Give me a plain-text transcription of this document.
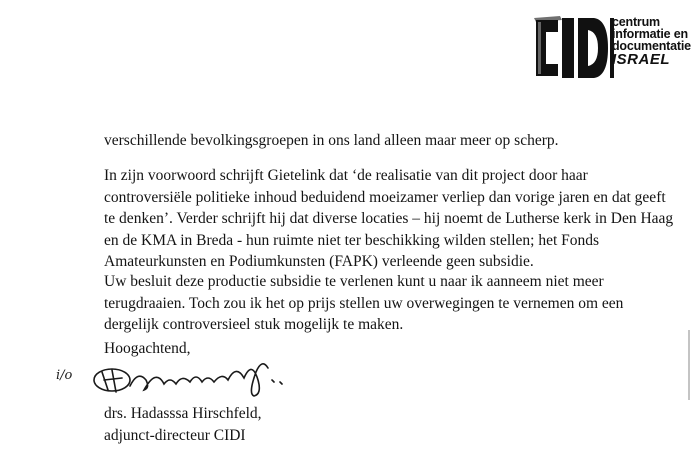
centrum
informatie en
documentatie
ISRAEL
verschillende bevolkingsgroepen in ons land alleen maar meer op scherp.
In zijn voorwoord schrijft Gietelink dat ‘de realisatie van dit project door haar
controversiële politieke inhoud beduidend moeizamer verliep dan vorige jaren en dat geeft
te denken’. Verder schrijft hij dat diverse locaties – hij noemt de Lutherse kerk in Den Haag
en de KMA in Breda - hun ruimte niet ter beschikking wilden stellen; het Fonds
Amateurkunsten en Podiumkunsten (FAPK) verleende geen subsidie.
Uw besluit deze productie subsidie te verlenen kunt u naar ik aanneem niet meer
terugdraaien. Toch zou ik het op prijs stellen uw overwegingen te vernemen om een
dergelijk controversieel stuk mogelijk te maken.
Hoogachtend,
i/o
drs. Hadasssa Hirschfeld,
adjunct-directeur CIDI
